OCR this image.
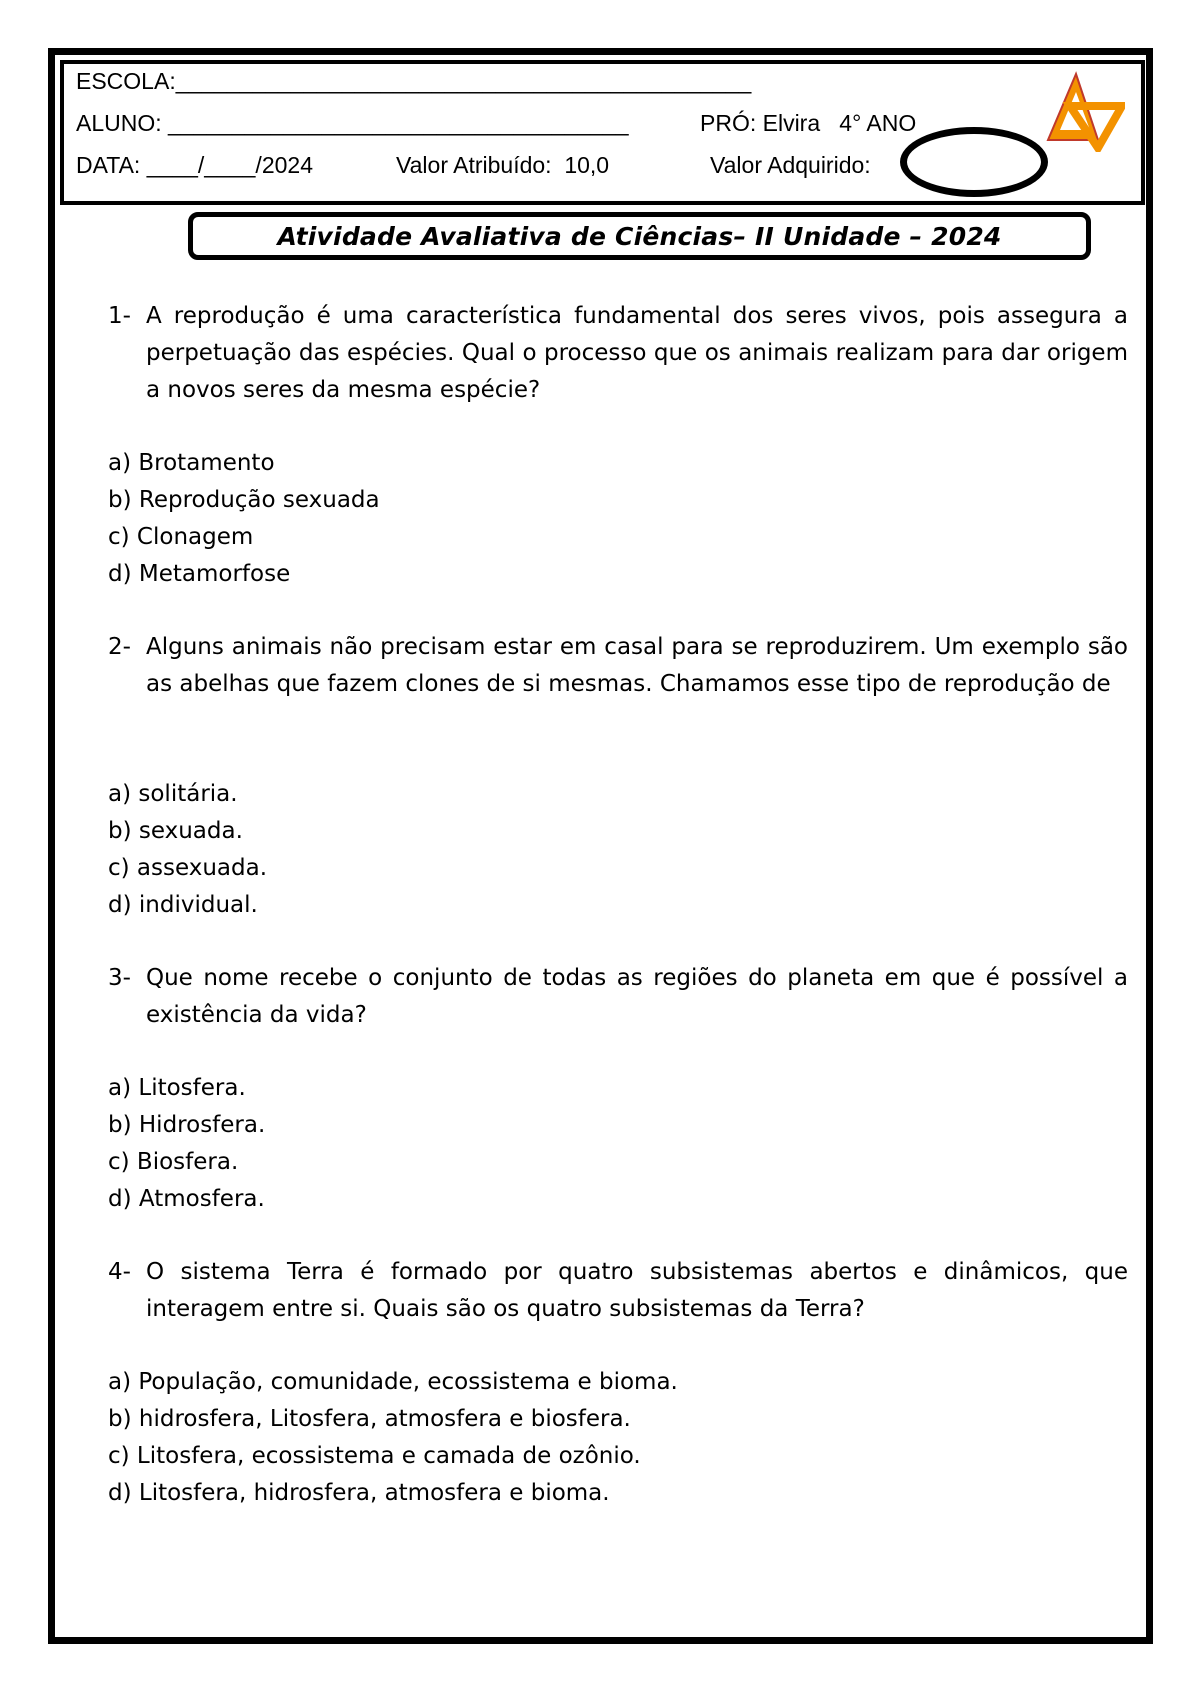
ESCOLA:_____________________________________________
ALUNO: ____________________________________	PRÓ: Elvira   4° ANO
DATA: ____/____/2024	Valor Atribuído:  10,0	Valor Adquirido:
Atividade Avaliativa de Ciências– II Unidade – 2024
1- A reprodução é uma característica fundamental dos seres vivos, pois assegura a perpetuação das espécies. Qual o processo que os animais realizam para dar origem a novos seres da mesma espécie?
a) Brotamento
b) Reprodução sexuada
c) Clonagem
d) Metamorfose
2- Alguns animais não precisam estar em casal para se reproduzirem. Um exemplo são as abelhas que fazem clones de si mesmas. Chamamos esse tipo de reprodução de
a) solitária.
b) sexuada.
c) assexuada.
d) individual.
3- Que nome recebe o conjunto de todas as regiões do planeta em que é possível a existência da vida?
a) Litosfera.
b) Hidrosfera.
c) Biosfera.
d) Atmosfera.
4- O sistema Terra é formado por quatro subsistemas abertos e dinâmicos, que interagem entre si. Quais são os quatro subsistemas da Terra?
a) População, comunidade, ecossistema e bioma.
b) hidrosfera, Litosfera, atmosfera e biosfera.
c) Litosfera, ecossistema e camada de ozônio.
d) Litosfera, hidrosfera, atmosfera e bioma.
